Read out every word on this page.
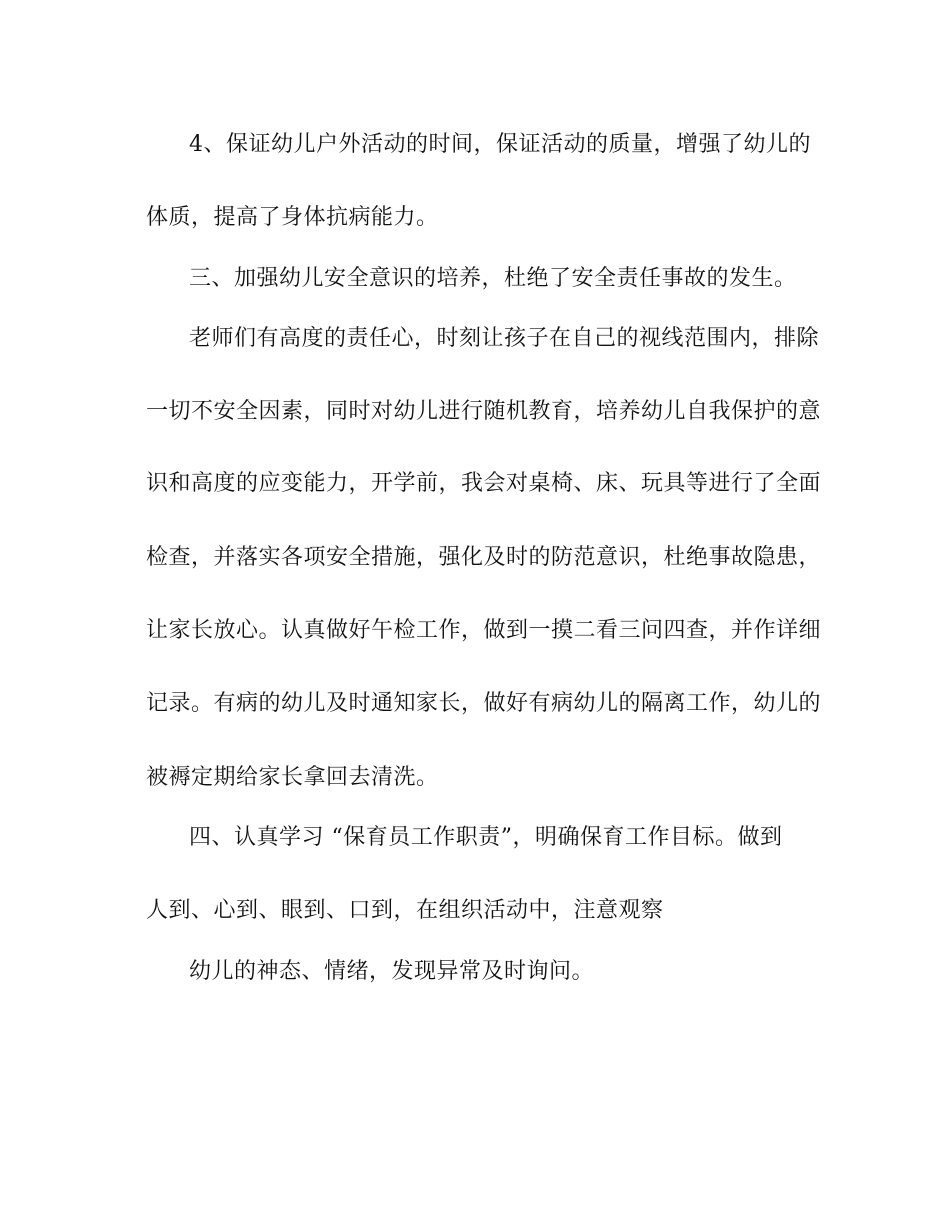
4、保证幼儿户外活动的时间，保证活动的质量，增强了幼儿的
体质，提高了身体抗病能力。
三、加强幼儿安全意识的培养，杜绝了安全责任事故的发生。
老师们有高度的责任心，时刻让孩子在自己的视线范围内，排除
一切不安全因素，同时对幼儿进行随机教育，培养幼儿自我保护的意
识和高度的应变能力，开学前，我会对桌椅、床、玩具等进行了全面
检查，并落实各项安全措施，强化及时的防范意识，杜绝事故隐患，
让家长放心。认真做好午检工作，做到一摸二看三问四查，并作详细
记录。有病的幼儿及时通知家长，做好有病幼儿的隔离工作，幼儿的
被褥定期给家长拿回去清洗。
四、认真学习 “保育员工作职责”，明确保育工作目标。做到
人到、心到、眼到、口到，在组织活动中，注意观察
幼儿的神态、情绪，发现异常及时询问。
